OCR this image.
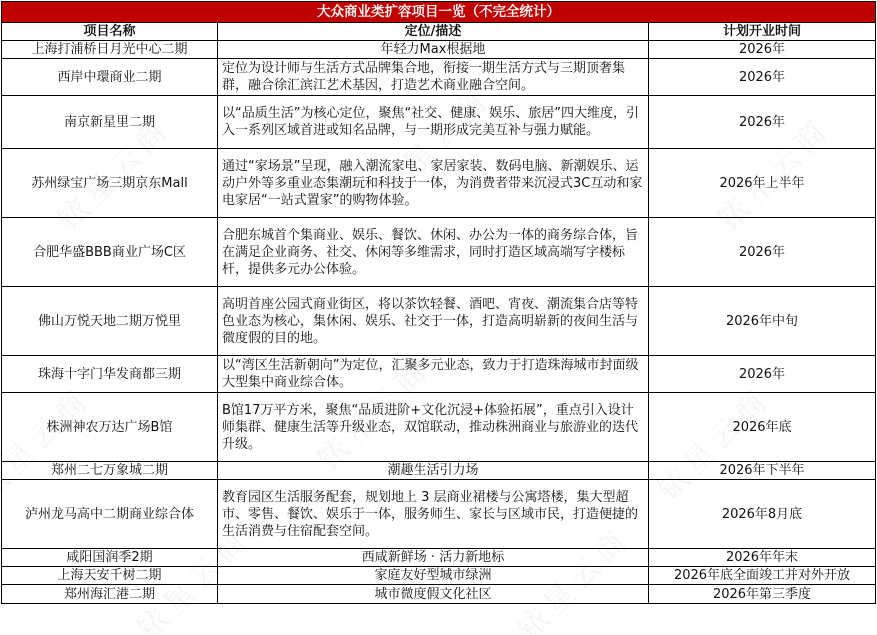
大众商业类扩容项目一览（不完全统计）		
项目名称	定位/描述	计划开业时间
上海打浦桥日月光中心二期	年轻力Max根据地	2026年
西岸中環商业二期	定位为设计师与生活方式品牌集合地，衔接一期生活方式与三期顶奢集群，融合徐汇滨江艺术基因，打造艺术商业融合空间。	2026年
南京新星里二期	以“品质生活”为核心定位，聚焦“社交、健康、娱乐、旅居”四大维度，引入一系列区域首进或知名品牌，与一期形成完美互补与强力赋能。	2026年
苏州绿宝广场三期京东Mall	通过“家场景”呈现，融入潮流家电、家居家装、数码电脑、新潮娱乐、运动户外等多重业态集潮玩和科技于一体，为消费者带来沉浸式3C互动和家电家居“一站式置家”的购物体验。	2026年上半年
合肥华盛BBB商业广场C区	合肥东城首个集商业、娱乐、餐饮、休闲、办公为一体的商务综合体，旨在满足企业商务、社交、休闲等多维需求，同时打造区域高端写字楼标杆，提供多元办公体验。	2026年
佛山万悦天地二期万悦里	高明首座公园式商业街区，将以茶饮轻餐、酒吧、宵夜、潮流集合店等特色业态为核心，集休闲、娱乐、社交于一体，打造高明崭新的夜间生活与微度假的目的地。	2026年中旬
珠海十字门华发商都三期	以“湾区生活新朝向”为定位，汇聚多元业态，致力于打造珠海城市封面级大型集中商业综合体。	2026年
株洲神农万达广场B馆	B馆17万平方米，聚焦“品质进阶+文化沉浸+体验拓展”，重点引入设计师集群、健康生活等升级业态，双馆联动，推动株洲商业与旅游业的迭代升级。	2026年底
郑州二七万象城二期	潮趣生活引力场	2026年下半年
泸州龙马高中二期商业综合体	教育园区生活服务配套，规划地上 3 层商业裙楼与公寓塔楼，集大型超市、零售、餐饮、娱乐于一体，服务师生、家长与区域市民，打造便捷的生活消费与住宿配套空间。	2026年8月底
咸阳国润季2期	西咸新鲜场 · 活力新地标	2026年年末
上海天安千树二期	家庭友好型城市绿洲	2026年底全面竣工并对外开放
郑州海汇港二期	城市微度假文化社区	2026年第三季度
